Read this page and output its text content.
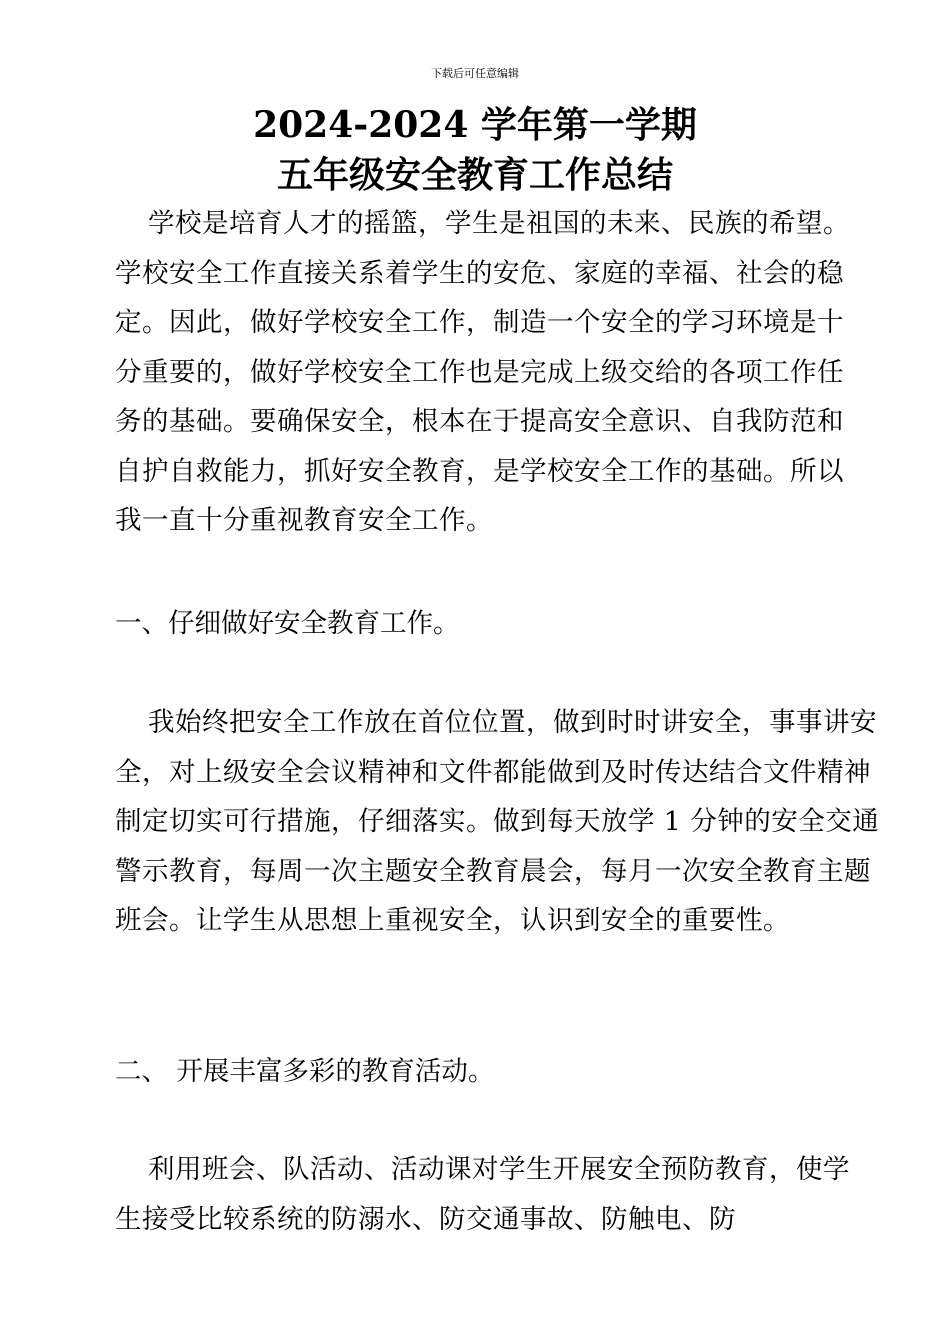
下载后可任意编辑
2024-2024 学年第一学期
五年级安全教育工作总结
学校是培育人才的摇篮，学生是祖国的未来、民族的希望。学校安全工作直接关系着学生的安危、家庭的幸福、社会的稳定。因此，做好学校安全工作，制造一个安全的学习环境是十分重要的，做好学校安全工作也是完成上级交给的各项工作任务的基础。要确保安全，根本在于提高安全意识、自我防范和自护自救能力，抓好安全教育，是学校安全工作的基础。所以我一直十分重视教育安全工作。
一、仔细做好安全教育工作。
我始终把安全工作放在首位位置，做到时时讲安全，事事讲安全，对上级安全会议精神和文件都能做到及时传达结合文件精神制定切实可行措施，仔细落实。做到每天放学 1 分钟的安全交通警示教育，每周一次主题安全教育晨会，每月一次安全教育主题班会。让学生从思想上重视安全，认识到安全的重要性。
二、 开展丰富多彩的教育活动。
利用班会、队活动、活动课对学生开展安全预防教育，使学生接受比较系统的防溺水、防交通事故、防触电、防
